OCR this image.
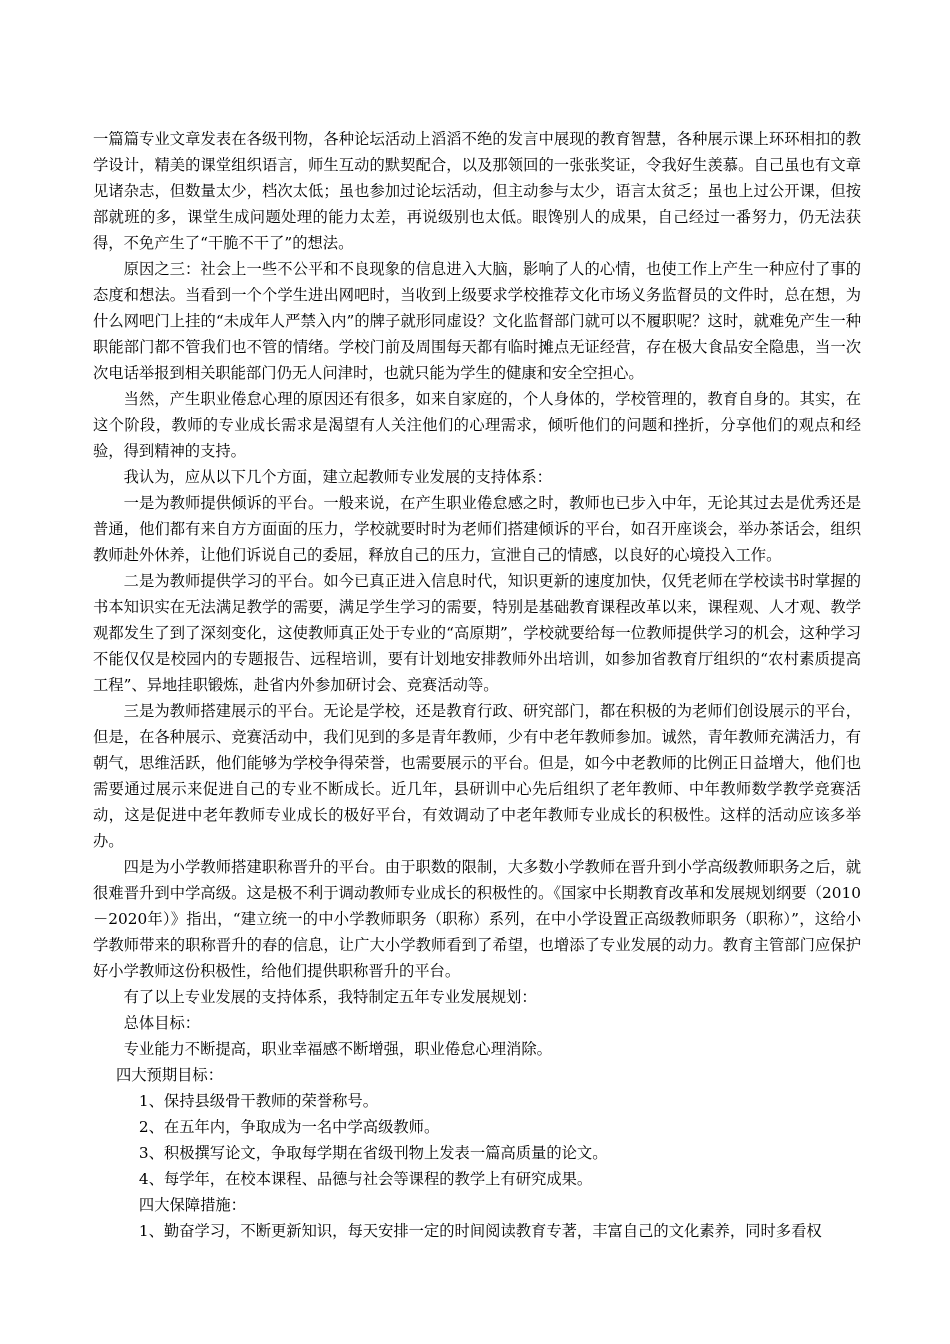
一篇篇专业文章发表在各级刊物，各种论坛活动上滔滔不绝的发言中展现的教育智慧，各种展示课上环环相扣的教学设计，精美的课堂组织语言，师生互动的默契配合，以及那领回的一张张奖证，令我好生羡慕。自己虽也有文章见诸杂志，但数量太少，档次太低；虽也参加过论坛活动，但主动参与太少，语言太贫乏；虽也上过公开课，但按部就班的多，课堂生成问题处理的能力太差，再说级别也太低。眼馋别人的成果，自己经过一番努力，仍无法获得，不免产生了“干脆不干了”的想法。

原因之三：社会上一些不公平和不良现象的信息进入大脑，影响了人的心情，也使工作上产生一种应付了事的态度和想法。当看到一个个学生进出网吧时，当收到上级要求学校推荐文化市场义务监督员的文件时，总在想，为什么网吧门上挂的“未成年人严禁入内”的牌子就形同虚设？文化监督部门就可以不履职呢？这时，就难免产生一种职能部门都不管我们也不管的情绪。学校门前及周围每天都有临时摊点无证经营，存在极大食品安全隐患，当一次次电话举报到相关职能部门仍无人问津时，也就只能为学生的健康和安全空担心。

当然，产生职业倦怠心理的原因还有很多，如来自家庭的，个人身体的，学校管理的，教育自身的。其实，在这个阶段，教师的专业成长需求是渴望有人关注他们的心理需求，倾听他们的问题和挫折，分享他们的观点和经验，得到精神的支持。

我认为，应从以下几个方面，建立起教师专业发展的支持体系：

一是为教师提供倾诉的平台。一般来说，在产生职业倦怠感之时，教师也已步入中年，无论其过去是优秀还是普通，他们都有来自方方面面的压力，学校就要时时为老师们搭建倾诉的平台，如召开座谈会，举办茶话会，组织教师赴外休养，让他们诉说自己的委屈，释放自己的压力，宣泄自己的情感，以良好的心境投入工作。

二是为教师提供学习的平台。如今已真正进入信息时代，知识更新的速度加快，仅凭老师在学校读书时掌握的书本知识实在无法满足教学的需要，满足学生学习的需要，特别是基础教育课程改革以来，课程观、人才观、教学观都发生了到了深刻变化，这使教师真正处于专业的“高原期”，学校就要给每一位教师提供学习的机会，这种学习不能仅仅是校园内的专题报告、远程培训，要有计划地安排教师外出培训，如参加省教育厅组织的“农村素质提高工程”、异地挂职锻炼，赴省内外参加研讨会、竞赛活动等。

三是为教师搭建展示的平台。无论是学校，还是教育行政、研究部门，都在积极的为老师们创设展示的平台，但是，在各种展示、竞赛活动中，我们见到的多是青年教师，少有中老年教师参加。诚然，青年教师充满活力，有朝气，思维活跃，他们能够为学校争得荣誉，也需要展示的平台。但是，如今中老教师的比例正日益增大，他们也需要通过展示来促进自己的专业不断成长。近几年，县研训中心先后组织了老年教师、中年教师数学教学竞赛活动，这是促进中老年教师专业成长的极好平台，有效调动了中老年教师专业成长的积极性。这样的活动应该多举办。

四是为小学教师搭建职称晋升的平台。由于职数的限制，大多数小学教师在晋升到小学高级教师职务之后，就很难晋升到中学高级。这是极不利于调动教师专业成长的积极性的。《国家中长期教育改革和发展规划纲要（2010－2020年）》指出，“建立统一的中小学教师职务（职称）系列，在中小学设置正高级教师职务（职称）”，这给小学教师带来的职称晋升的春的信息，让广大小学教师看到了希望，也增添了专业发展的动力。教育主管部门应保护好小学教师这份积极性，给他们提供职称晋升的平台。

有了以上专业发展的支持体系，我特制定五年专业发展规划：

总体目标：

专业能力不断提高，职业幸福感不断增强，职业倦怠心理消除。

四大预期目标：

1、保持县级骨干教师的荣誉称号。

2、在五年内，争取成为一名中学高级教师。

3、积极撰写论文，争取每学期在省级刊物上发表一篇高质量的论文。

4、每学年，在校本课程、品德与社会等课程的教学上有研究成果。

四大保障措施：

1、勤奋学习，不断更新知识，每天安排一定的时间阅读教育专著，丰富自己的文化素养，同时多看权
